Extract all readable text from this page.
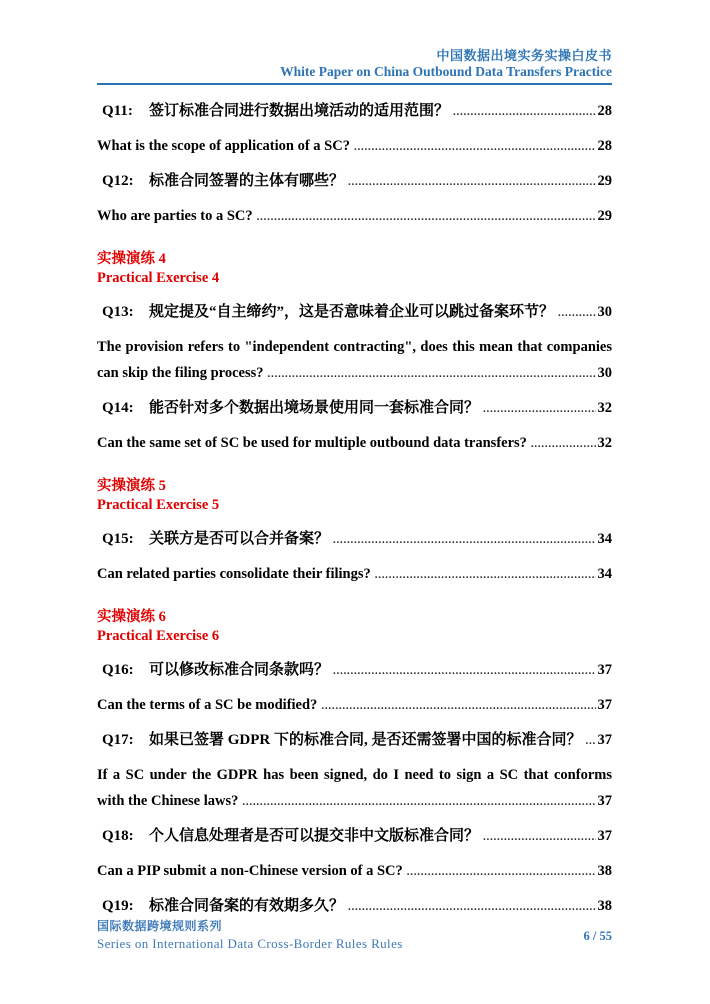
中国数据出境实务实操白皮书
White Paper on China Outbound Data Transfers Practice
Q11:	签订标准合同进行数据出境活动的适用范围？ . . .	28
What is the scope of application of a SC? . . .	28
Q12:	标准合同签署的主体有哪些？ . . .	29
Who are parties to a SC? . . .	29
实操演练 4
Practical Exercise 4
Q13:	规定提及“自主缔约”，这是否意味着企业可以跳过备案环节？ . . .	30
The provision refers to "independent contracting", does this mean that companies
can skip the filing process? . . .	30
Q14:	能否针对多个数据出境场景使用同一套标准合同？ . . .	32
Can the same set of SC be used for multiple outbound data transfers? . . .	32
实操演练 5
Practical Exercise 5
Q15:	关联方是否可以合并备案？ . . .	34
Can related parties consolidate their filings? . . .	34
实操演练 6
Practical Exercise 6
Q16:	可以修改标准合同条款吗？ . . .	37
Can the terms of a SC be modified? . . .	37
Q17:	如果已签署 GDPR 下的标准合同, 是否还需签署中国的标准合同？ . . . 37
If a SC under the GDPR has been signed, do I need to sign a SC that conforms
with the Chinese laws? . . .	37
Q18:	个人信息处理者是否可以提交非中文版标准合同？ . . .	37
Can a PIP submit a non-Chinese version of a SC? . . .	38
Q19:	标准合同备案的有效期多久？ . . .	38
国际数据跨境规则系列
Series on International Data Cross-Border Rules Rules	6 / 55
